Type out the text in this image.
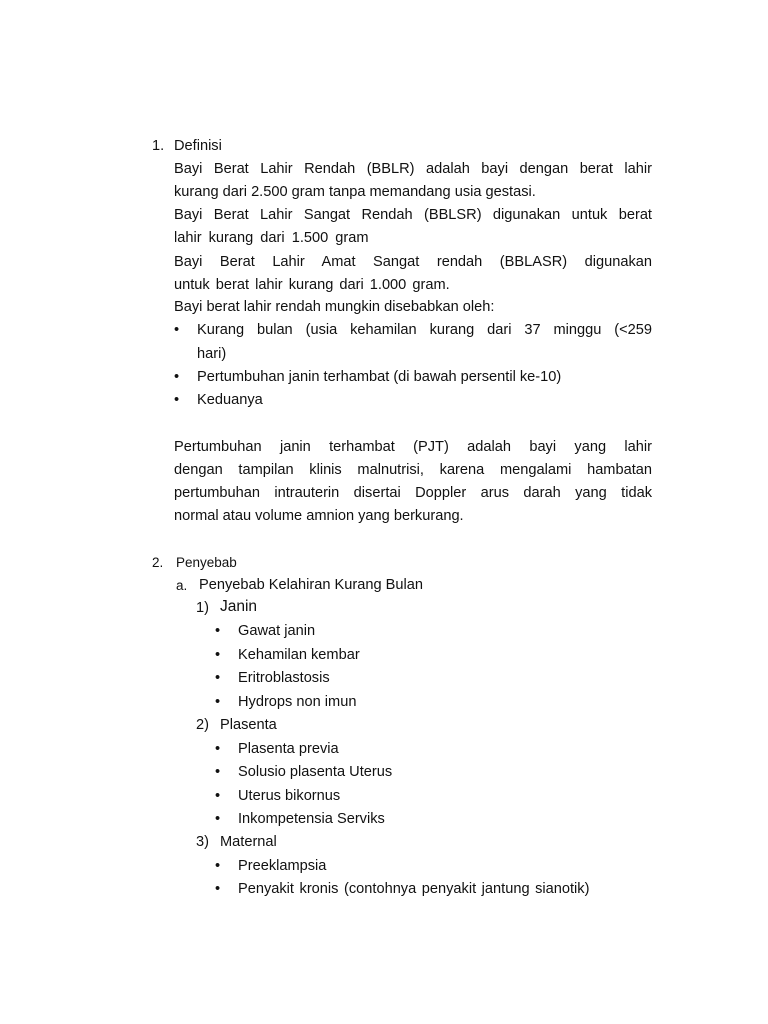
1. Definisi
Bayi Berat Lahir Rendah (BBLR) adalah bayi dengan berat lahir
kurang dari 2.500 gram tanpa memandang usia gestasi.
Bayi Berat Lahir Sangat Rendah (BBLSR) digunakan untuk berat
lahir kurang dari 1.500 gram
Bayi Berat Lahir Amat Sangat rendah (BBLASR) digunakan
untuk berat lahir kurang dari 1.000 gram.
Bayi berat lahir rendah mungkin disebabkan oleh:
• Kurang bulan (usia kehamilan kurang dari 37 minggu (<259
hari)
• Pertumbuhan janin terhambat (di bawah persentil ke-10)
• Keduanya
Pertumbuhan janin terhambat (PJT) adalah bayi yang lahir
dengan tampilan klinis malnutrisi, karena mengalami hambatan
pertumbuhan intrauterin disertai Doppler arus darah yang tidak
normal atau volume amnion yang berkurang.
2. Penyebab
a. Penyebab Kelahiran Kurang Bulan
1) Janin
• Gawat janin
• Kehamilan kembar
• Eritroblastosis
• Hydrops non imun
2) Plasenta
• Plasenta previa
• Solusio plasenta Uterus
• Uterus bikornus
• Inkompetensia Serviks
3) Maternal
• Preeklampsia
• Penyakit kronis (contohnya penyakit jantung sianotik)
